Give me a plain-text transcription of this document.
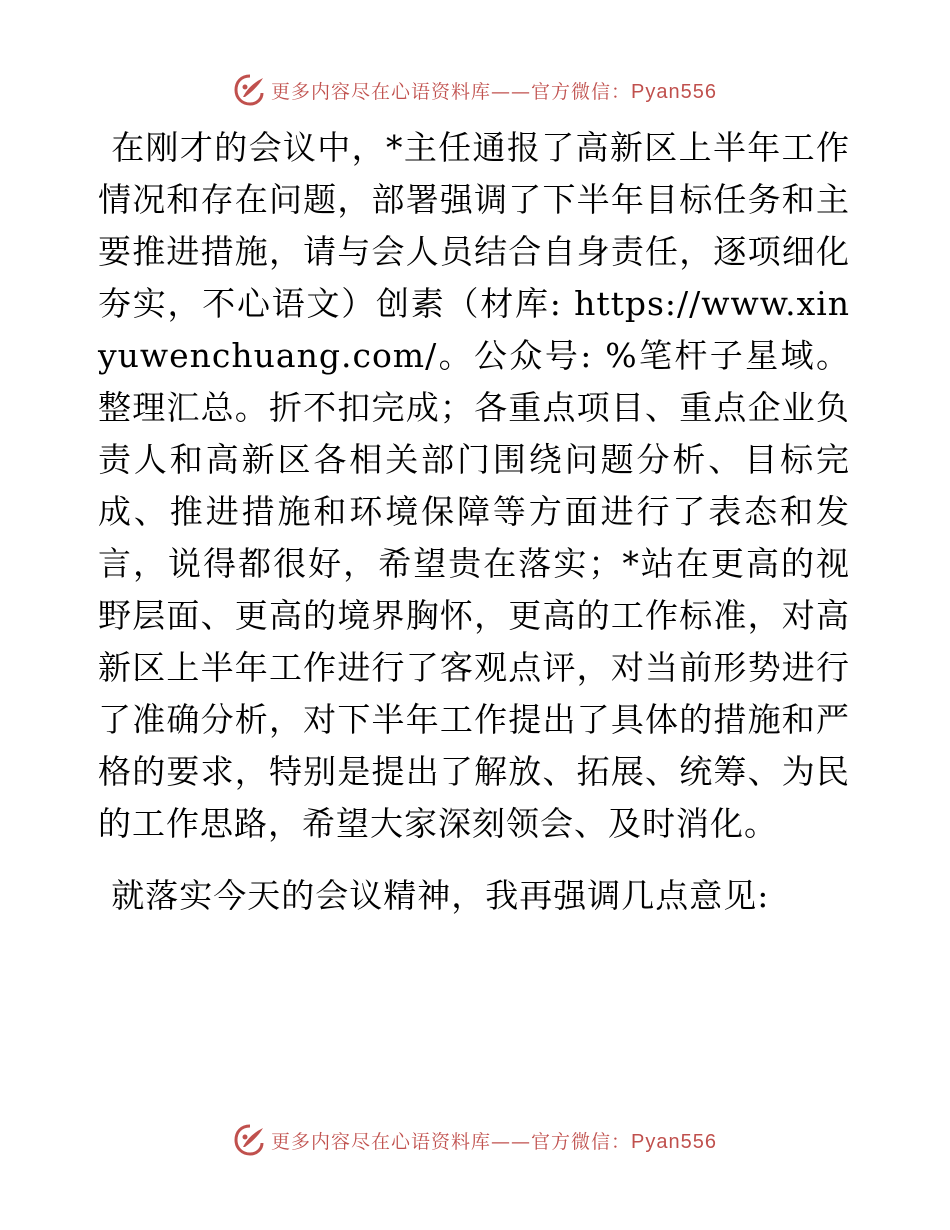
更多内容尽在心语资料库——官方微信：Pyan556

在刚才的会议中，*主任通报了高新区上半年工作情况和存在问题，部署强调了下半年目标任务和主要推进措施，请与会人员结合自身责任，逐项细化夯实，不心语文）创素（材库: https://www.xinyuwenchuang.com/。公众号: %笔杆子星域。整理汇总。折不扣完成；各重点项目、重点企业负责人和高新区各相关部门围绕问题分析、目标完成、推进措施和环境保障等方面进行了表态和发言，说得都很好，希望贵在落实；*站在更高的视野层面、更高的境界胸怀，更高的工作标准，对高新区上半年工作进行了客观点评，对当前形势进行了准确分析，对下半年工作提出了具体的措施和严格的要求，特别是提出了解放、拓展、统筹、为民的工作思路，希望大家深刻领会、及时消化。

就落实今天的会议精神，我再强调几点意见:

更多内容尽在心语资料库——官方微信：Pyan556
